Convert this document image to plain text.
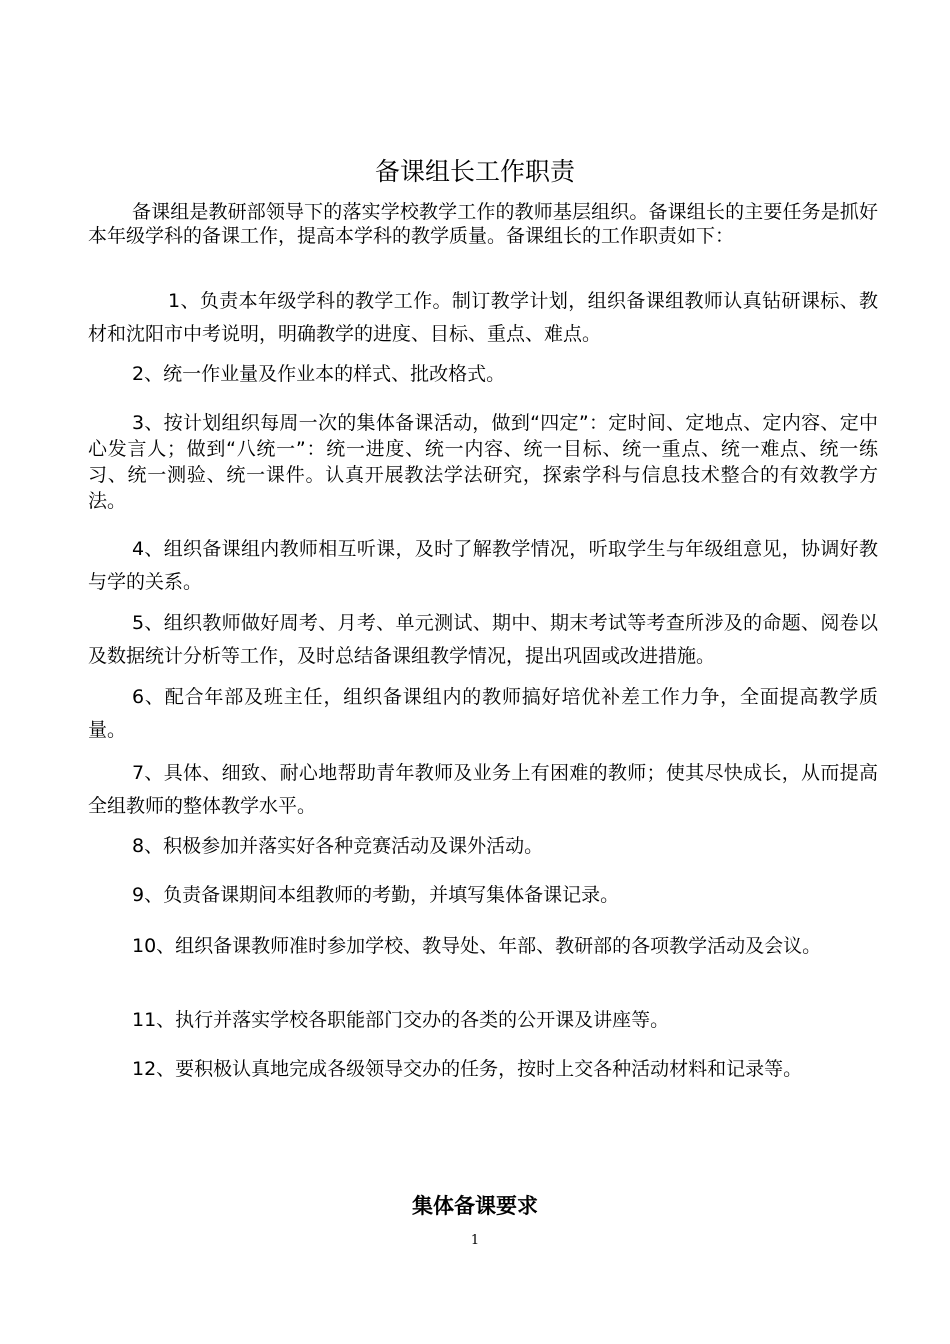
备课组长工作职责

备课组是教研部领导下的落实学校教学工作的教师基层组织。备课组长的主要任务是抓好本年级学科的备课工作，提高本学科的教学质量。备课组长的工作职责如下：

1、负责本年级学科的教学工作。制订教学计划，组织备课组教师认真钻研课标、教材和沈阳市中考说明，明确教学的进度、目标、重点、难点。

2、统一作业量及作业本的样式、批改格式。

3、按计划组织每周一次的集体备课活动，做到“四定”：定时间、定地点、定内容、定中心发言人；做到“八统一”：统一进度、统一内容、统一目标、统一重点、统一难点、统一练习、统一测验、统一课件。认真开展教法学法研究，探索学科与信息技术整合的有效教学方法。

4、组织备课组内教师相互听课，及时了解教学情况，听取学生与年级组意见，协调好教与学的关系。

5、组织教师做好周考、月考、单元测试、期中、期末考试等考查所涉及的命题、阅卷以及数据统计分析等工作，及时总结备课组教学情况，提出巩固或改进措施。

6、配合年部及班主任，组织备课组内的教师搞好培优补差工作力争，全面提高教学质量。

7、具体、细致、耐心地帮助青年教师及业务上有困难的教师；使其尽快成长，从而提高全组教师的整体教学水平。

8、积极参加并落实好各种竞赛活动及课外活动。

9、负责备课期间本组教师的考勤，并填写集体备课记录。

10、组织备课教师准时参加学校、教导处、年部、教研部的各项教学活动及会议。

11、执行并落实学校各职能部门交办的各类的公开课及讲座等。

12、要积极认真地完成各级领导交办的任务，按时上交各种活动材料和记录等。

集体备课要求
1
